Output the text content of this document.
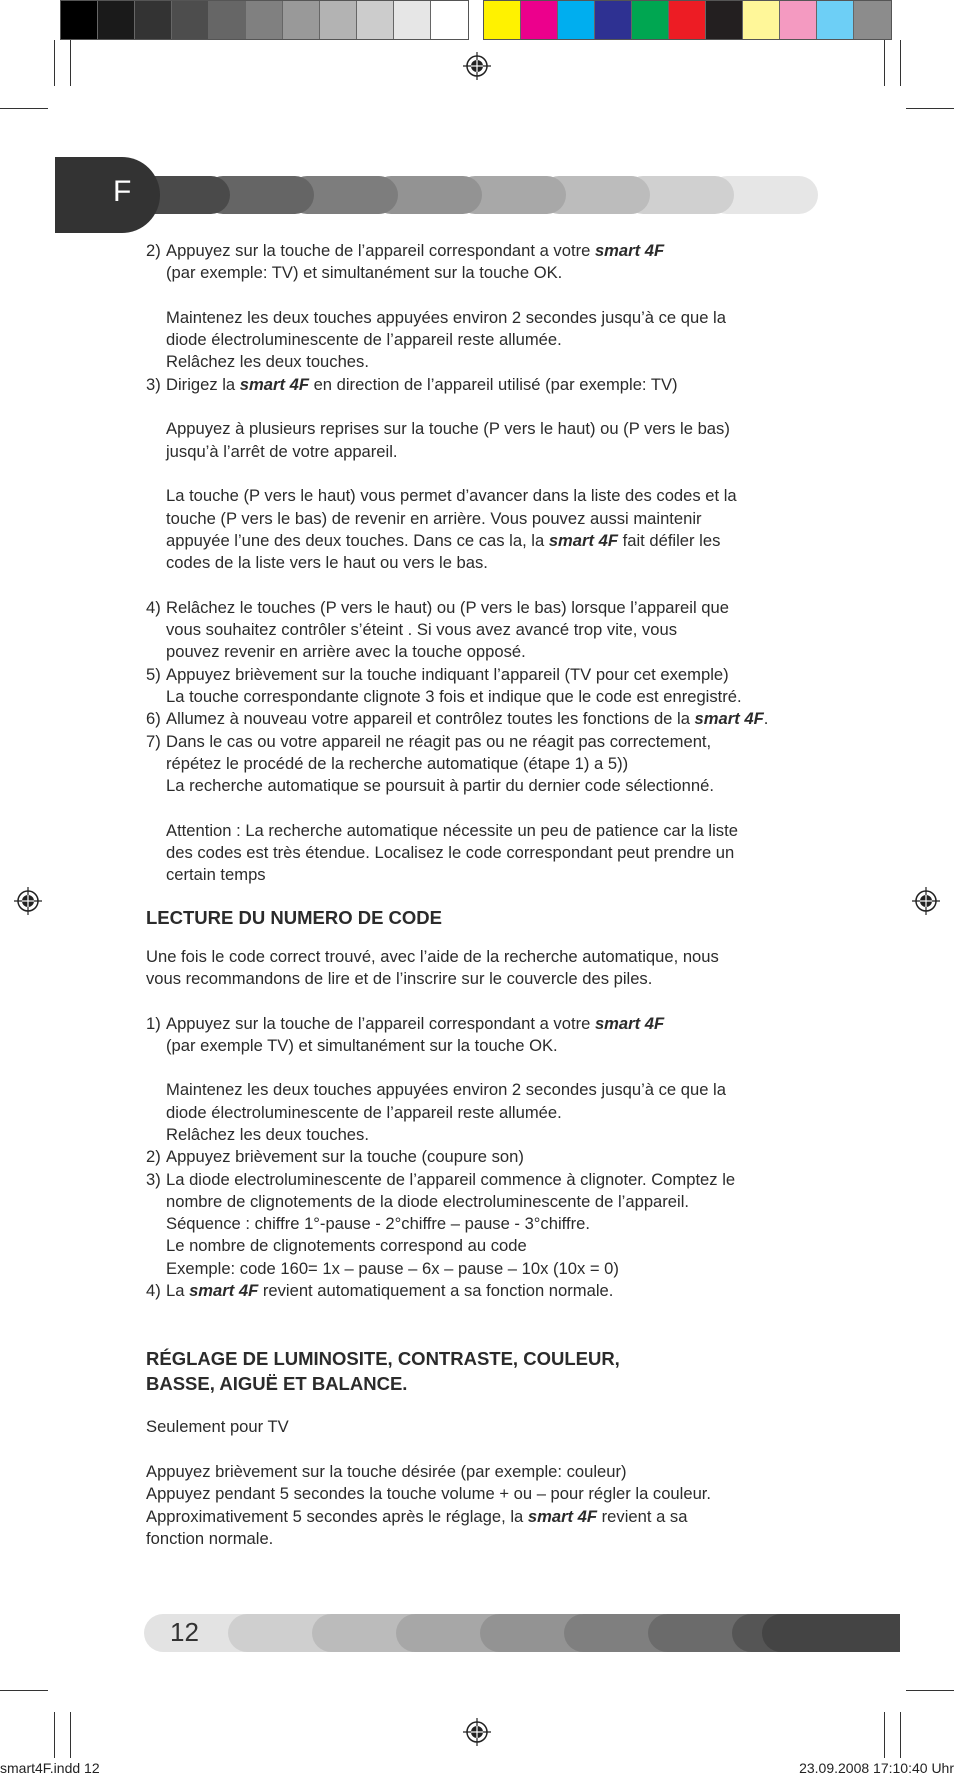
F
2) Appuyez sur la touche de l’appareil correspondant a votre smart 4F
(par exemple: TV) et simultanément sur la touche OK.
Maintenez les deux touches appuyées environ 2 secondes jusqu’à ce que la
diode électroluminescente de l’appareil reste allumée.
Relâchez les deux touches.
3) Dirigez la smart 4F en direction de l’appareil utilisé (par exemple: TV)
Appuyez à plusieurs reprises sur la touche (P vers le haut) ou (P vers le bas)
jusqu’à l’arrêt de votre appareil.
La touche (P vers le haut) vous permet d’avancer dans la liste des codes et la
touche (P vers le bas) de revenir en arrière. Vous pouvez aussi maintenir
appuyée l’une des deux touches. Dans ce cas la, la smart 4F fait défiler les
codes de la liste vers le haut ou vers le bas.
4) Relâchez le touches (P vers le haut) ou (P vers le bas) lorsque l’appareil que
vous souhaitez contrôler s’éteint . Si vous avez avancé trop vite, vous
pouvez revenir en arrière avec la touche opposé.
5) Appuyez brièvement sur la touche indiquant l’appareil (TV pour cet exemple)
La touche correspondante clignote 3 fois et indique que le code est enregistré.
6) Allumez à nouveau votre appareil et contrôlez toutes les fonctions de la smart 4F.
7) Dans le cas ou votre appareil ne réagit pas ou ne réagit pas correctement,
répétez le procédé de la recherche automatique (étape 1) a 5))
La recherche automatique se poursuit à partir du dernier code sélectionné.
Attention : La recherche automatique nécessite un peu de patience car la liste
des codes est très étendue. Localisez le code correspondant peut prendre un
certain temps
LECTURE DU NUMERO DE CODE
Une fois le code correct trouvé, avec l’aide de la recherche automatique, nous
vous recommandons de lire et de l’inscrire sur le couvercle des piles.
1) Appuyez sur la touche de l’appareil correspondant a votre smart 4F
(par exemple TV) et simultanément sur la touche OK.
Maintenez les deux touches appuyées environ 2 secondes jusqu’à ce que la
diode électroluminescente de l’appareil reste allumée.
Relâchez les deux touches.
2) Appuyez brièvement sur la touche (coupure son)
3) La diode electroluminescente de l’appareil commence à clignoter. Comptez le
nombre de clignotements de la diode electroluminescente de l’appareil.
Séquence : chiffre 1°-pause - 2°chiffre – pause - 3°chiffre.
Le nombre de clignotements correspond au code
Exemple: code 160= 1x – pause – 6x – pause – 10x (10x = 0)
4) La smart 4F revient automatiquement a sa fonction normale.
RÉGLAGE DE LUMINOSITE, CONTRASTE, COULEUR,
BASSE, AIGUË ET BALANCE.
Seulement pour TV
Appuyez brièvement sur la touche désirée (par exemple: couleur)
Appuyez pendant 5 secondes la touche volume + ou – pour régler la couleur.
Approximativement 5 secondes après le réglage, la smart 4F revient a sa
fonction normale.
12
smart4F.indd 12	23.09.2008 17:10:40 Uhr
